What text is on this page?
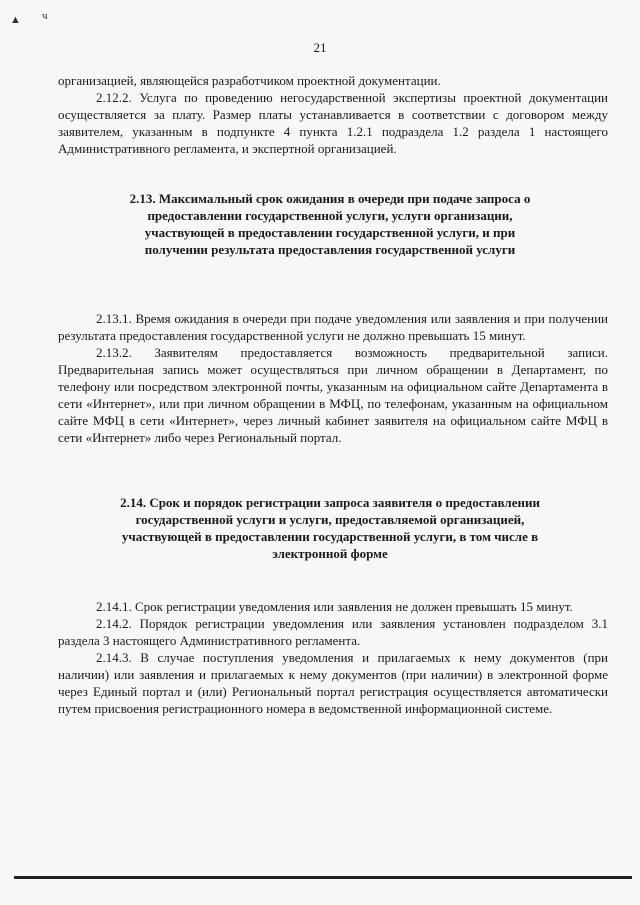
▲ ч
21

организацией, являющейся разработчиком проектной документации.

2.12.2. Услуга по проведению негосударственной экспертизы проектной документации осуществляется за плату. Размер платы устанавливается в соответствии с договором между заявителем, указанным в подпункте 4 пункта 1.2.1 подраздела 1.2 раздела 1 настоящего Административного регламента, и экспертной организацией.

2.13. Максимальный срок ожидания в очереди при подаче запроса о предоставлении государственной услуги, услуги организации, участвующей в предоставлении государственной услуги, и при получении результата предоставления государственной услуги

2.13.1. Время ожидания в очереди при подаче уведомления или заявления и при получении результата предоставления государственной услуги не должно превышать 15 минут.

2.13.2. Заявителям предоставляется возможность предварительной записи. Предварительная запись может осуществляться при личном обращении в Департамент, по телефону или посредством электронной почты, указанным на официальном сайте Департамента в сети «Интернет», или при личном обращении в МФЦ, по телефонам, указанным на официальном сайте МФЦ в сети «Интернет», через личный кабинет заявителя на официальном сайте МФЦ в сети «Интернет» либо через Региональный портал.

2.14. Срок и порядок регистрации запроса заявителя о предоставлении государственной услуги и услуги, предоставляемой организацией, участвующей в предоставлении государственной услуги, в том числе в электронной форме

2.14.1. Срок регистрации уведомления или заявления не должен превышать 15 минут.

2.14.2. Порядок регистрации уведомления или заявления установлен подразделом 3.1 раздела 3 настоящего Административного регламента.

2.14.3. В случае поступления уведомления и прилагаемых к нему документов (при наличии) или заявления и прилагаемых к нему документов (при наличии) в электронной форме через Единый портал и (или) Региональный портал регистрация осуществляется автоматически путем присвоения регистрационного номера в ведомственной информационной системе.
